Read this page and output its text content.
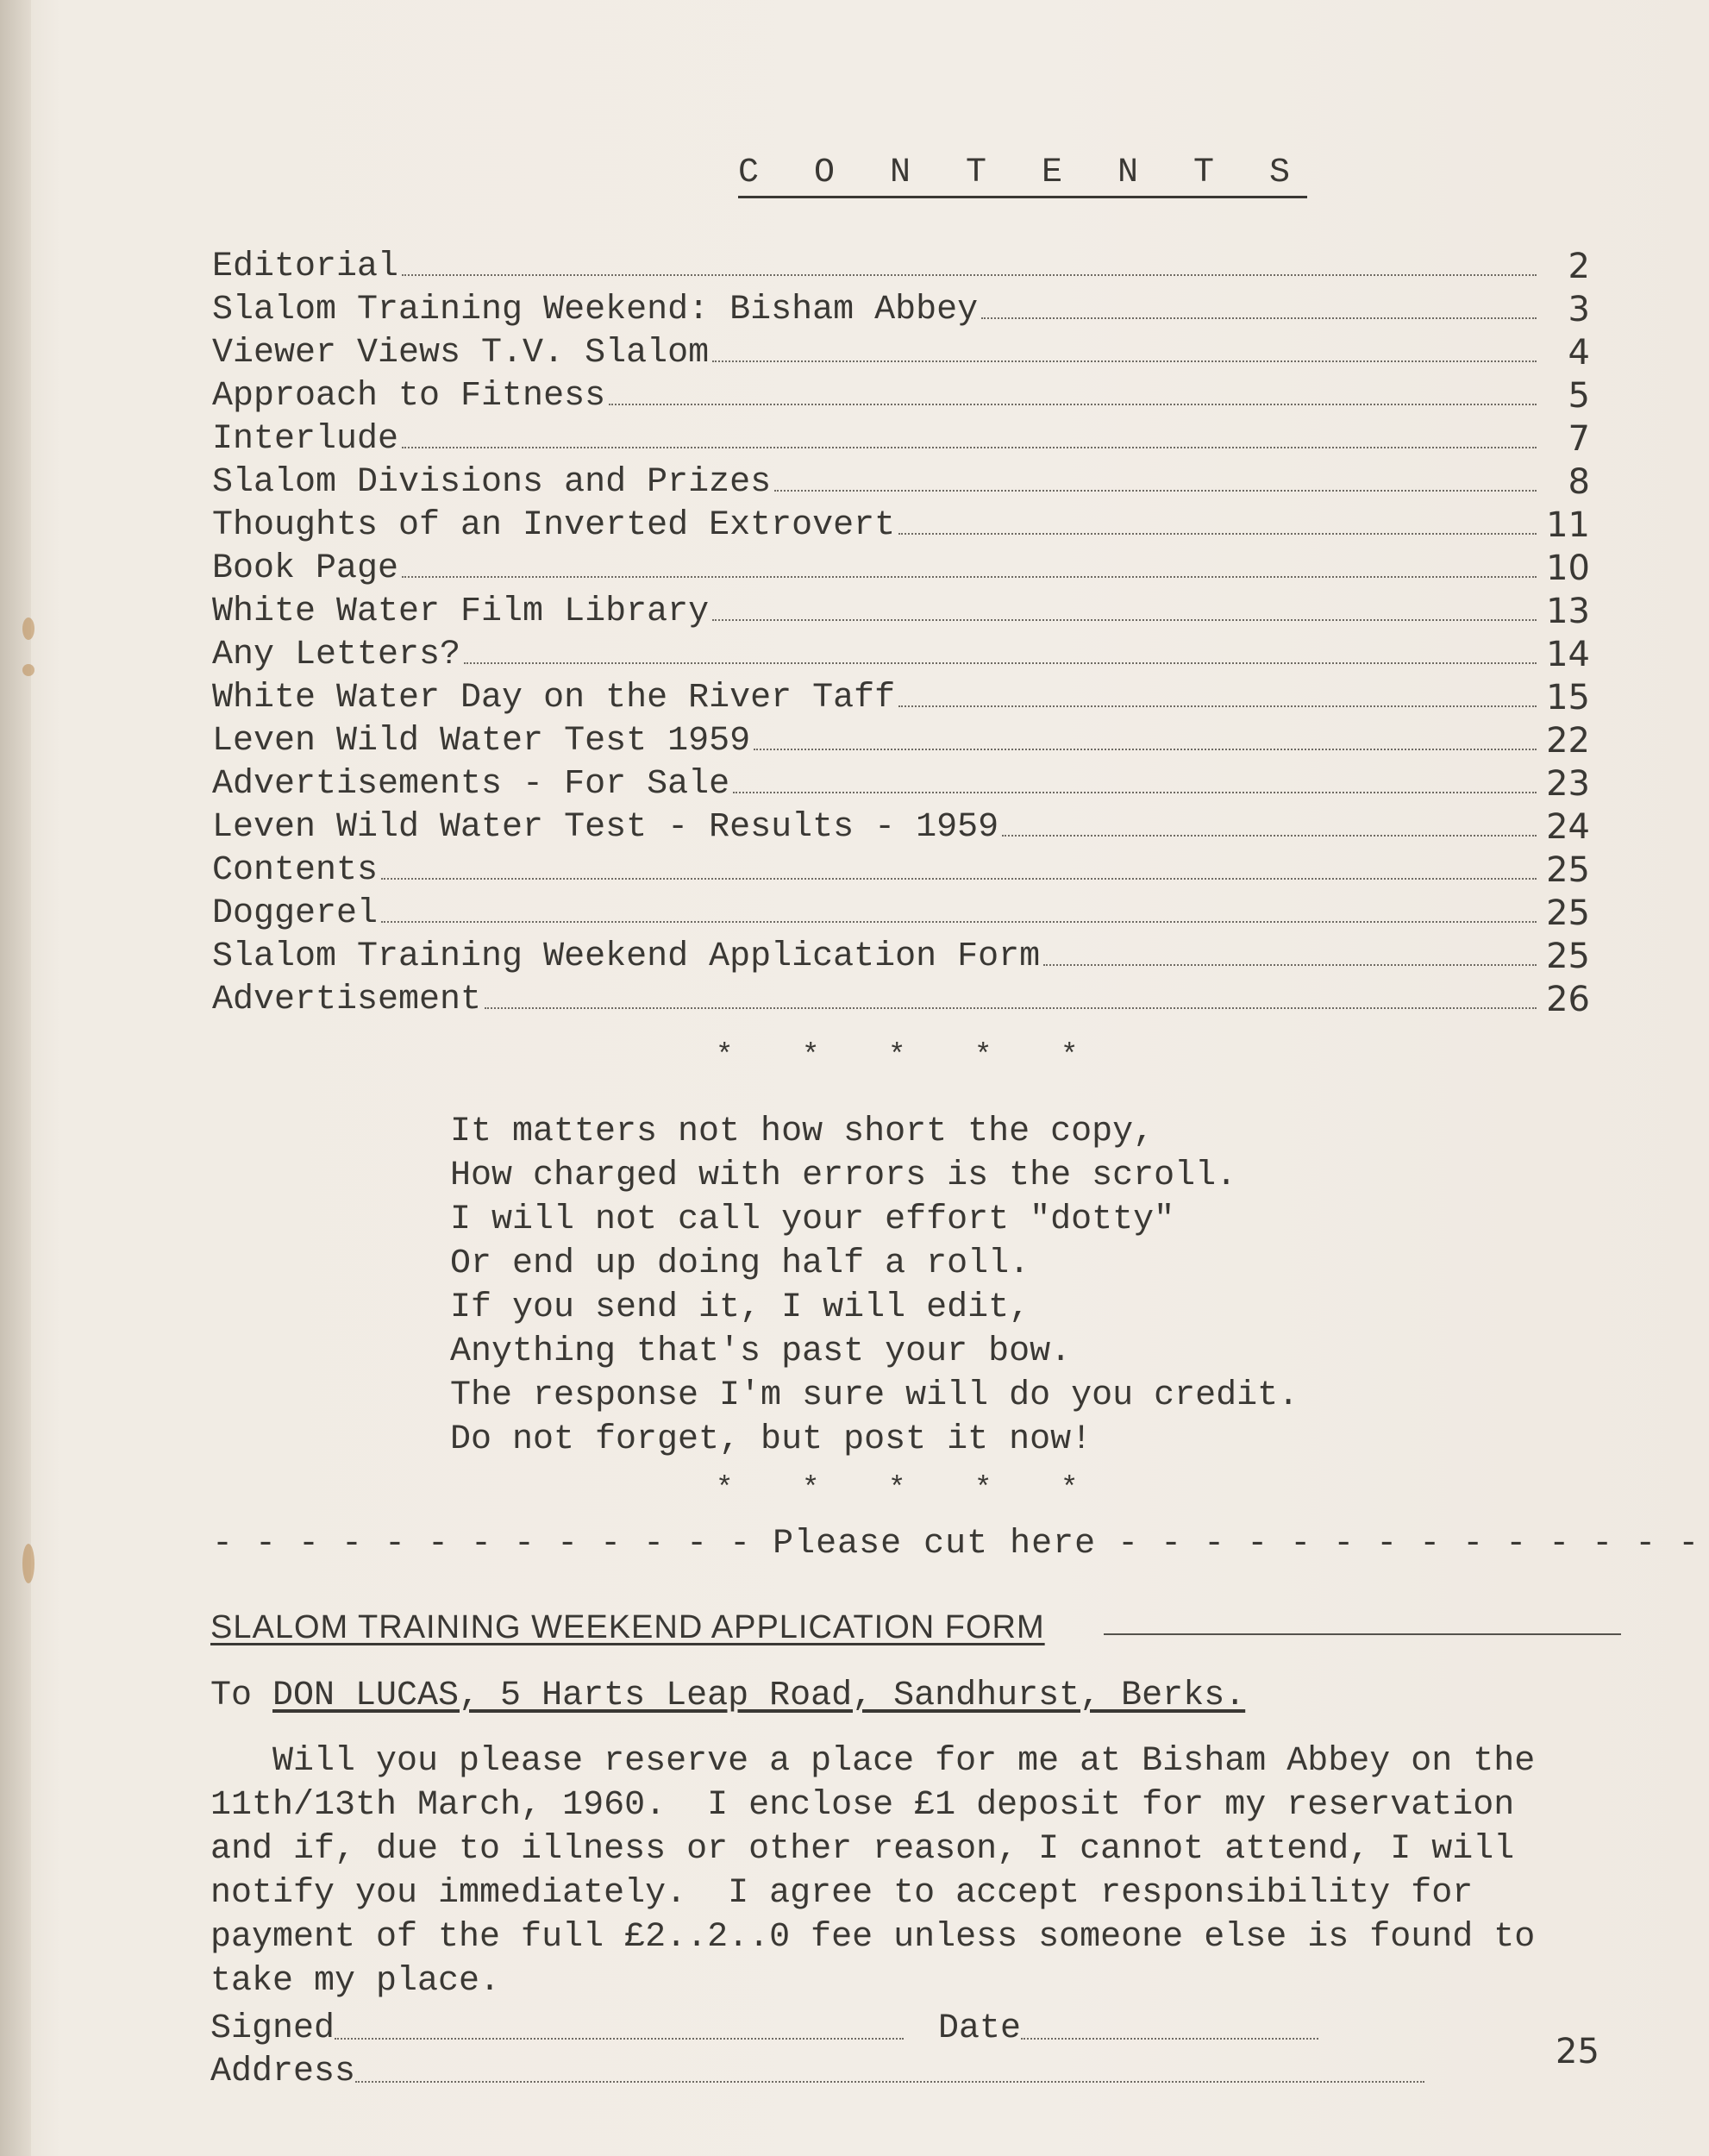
C O N T E N T S
Editorial	2
Slalom Training Weekend: Bisham Abbey	3
Viewer Views T.V. Slalom	4
Approach to Fitness	5
Interlude	7
Slalom Divisions and Prizes	8
Thoughts of an Inverted Extrovert	11
Book Page	10
White Water Film Library	13
Any Letters?	14
White Water Day on the River Taff	15
Leven Wild Water Test 1959	22
Advertisements - For Sale	23
Leven Wild Water Test - Results - 1959	24
Contents	25
Doggerel	25
Slalom Training Weekend Application Form	25
Advertisement	26
* * * * *
It matters not how short the copy,
How charged with errors is the scroll.
I will not call your effort "dotty"
Or end up doing half a roll.
If you send it, I will edit,
Anything that's past your bow.
The response I'm sure will do you credit.
Do not forget, but post it now!
* * * * *
- - - - - - - - - - - - - Please cut here - - - - - - - - - - - - - -
SLALOM TRAINING WEEKEND APPLICATION FORM
To DON LUCAS, 5 Harts Leap Road, Sandhurst, Berks.
Will you please reserve a place for me at Bisham Abbey on the
11th/13th March, 1960.  I enclose £1 deposit for my reservation
and if, due to illness or other reason, I cannot attend, I will
notify you immediately.  I agree to accept responsibility for
payment of the full £2..2..0 fee unless someone else is found to
take my place.
Signed	Date
Address
25
